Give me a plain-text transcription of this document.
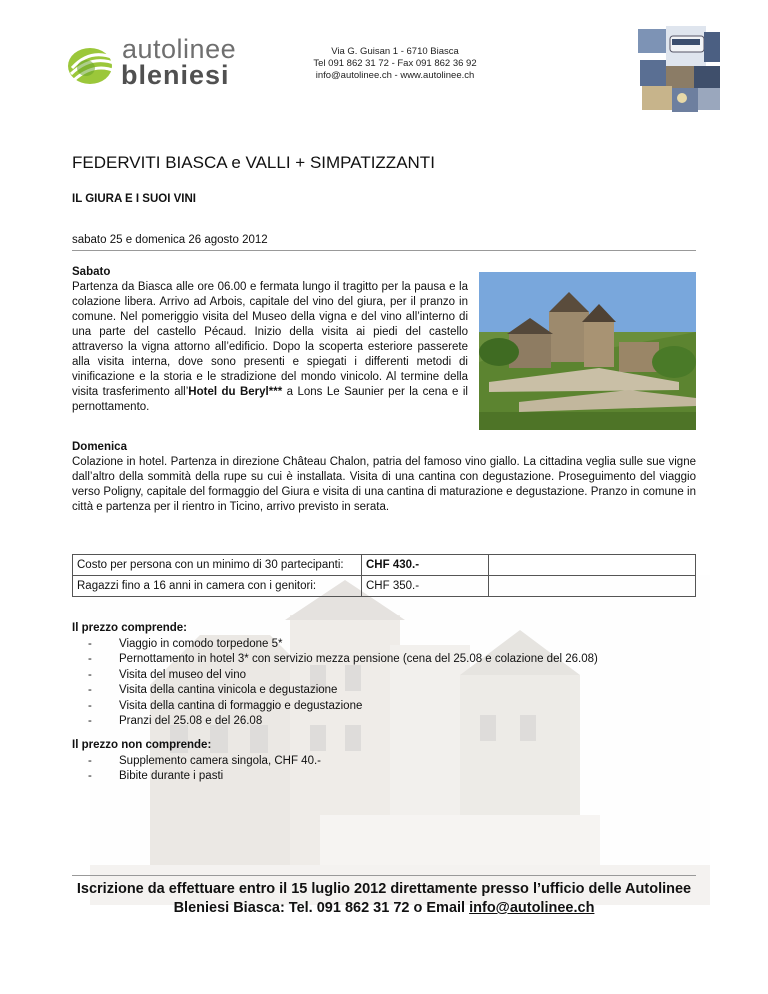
autolinee
bleniesi
Via G. Guisan 1 - 6710 Biasca
Tel 091 862 31 72 - Fax 091 862 36 92
info@autolinee.ch - www.autolinee.ch
FEDERVITI BIASCA e VALLI + SIMPATIZZANTI
IL GIURA E I SUOI VINI
sabato 25 e domenica 26 agosto 2012
Sabato
Partenza da Biasca alle ore 06.00 e fermata lungo il tragitto per la pausa e la colazione libera. Arrivo ad Arbois, capitale del vino del giura, per il pranzo in comune. Nel pomeriggio visita del Museo della vigna e del vino all’interno di una parte del castello Pécaud. Inizio della visita ai piedi del castello attraverso la vigna attorno all’edificio. Dopo la scoperta esteriore passerete alla visita interna, dove sono presenti e spiegati i differenti metodi di vinificazione e la storia e le stradizione del mondo vinicolo. Al termine della visita trasferimento all’Hotel du Beryl*** a Lons Le Saunier per la cena e il pernottamento.
Domenica
Colazione in hotel. Partenza in direzione Château Chalon, patria del famoso vino giallo. La cittadina veglia sulle sue vigne dall’altro della sommità della rupe su cui è installata. Visita di una cantina con degustazione. Proseguimento del viaggio verso Poligny, capitale del formaggio del Giura e visita di una cantina di maturazione e degustazione. Pranzo in comune in città e partenza per il rientro in Ticino, arrivo previsto in serata.
Costo per persona con un minimo di 30 partecipanti:	CHF 430.-	
Ragazzi fino a 16 anni in camera con i genitori:	CHF 350.-	
Il prezzo comprende:
- Viaggio in comodo torpedone 5*
- Pernottamento in hotel 3* con servizio mezza pensione (cena del 25.08 e colazione del 26.08)
- Visita del museo del vino
- Visita della cantina vinicola e degustazione
- Visita della cantina di formaggio e degustazione
- Pranzi del 25.08 e del 26.08
Il prezzo non comprende:
- Supplemento camera singola, CHF 40.-
- Bibite durante i pasti
Iscrizione da effettuare entro il 15 luglio 2012 direttamente presso l’ufficio delle Autolinee
Bleniesi Biasca: Tel. 091 862 31 72 o Email info@autolinee.ch
